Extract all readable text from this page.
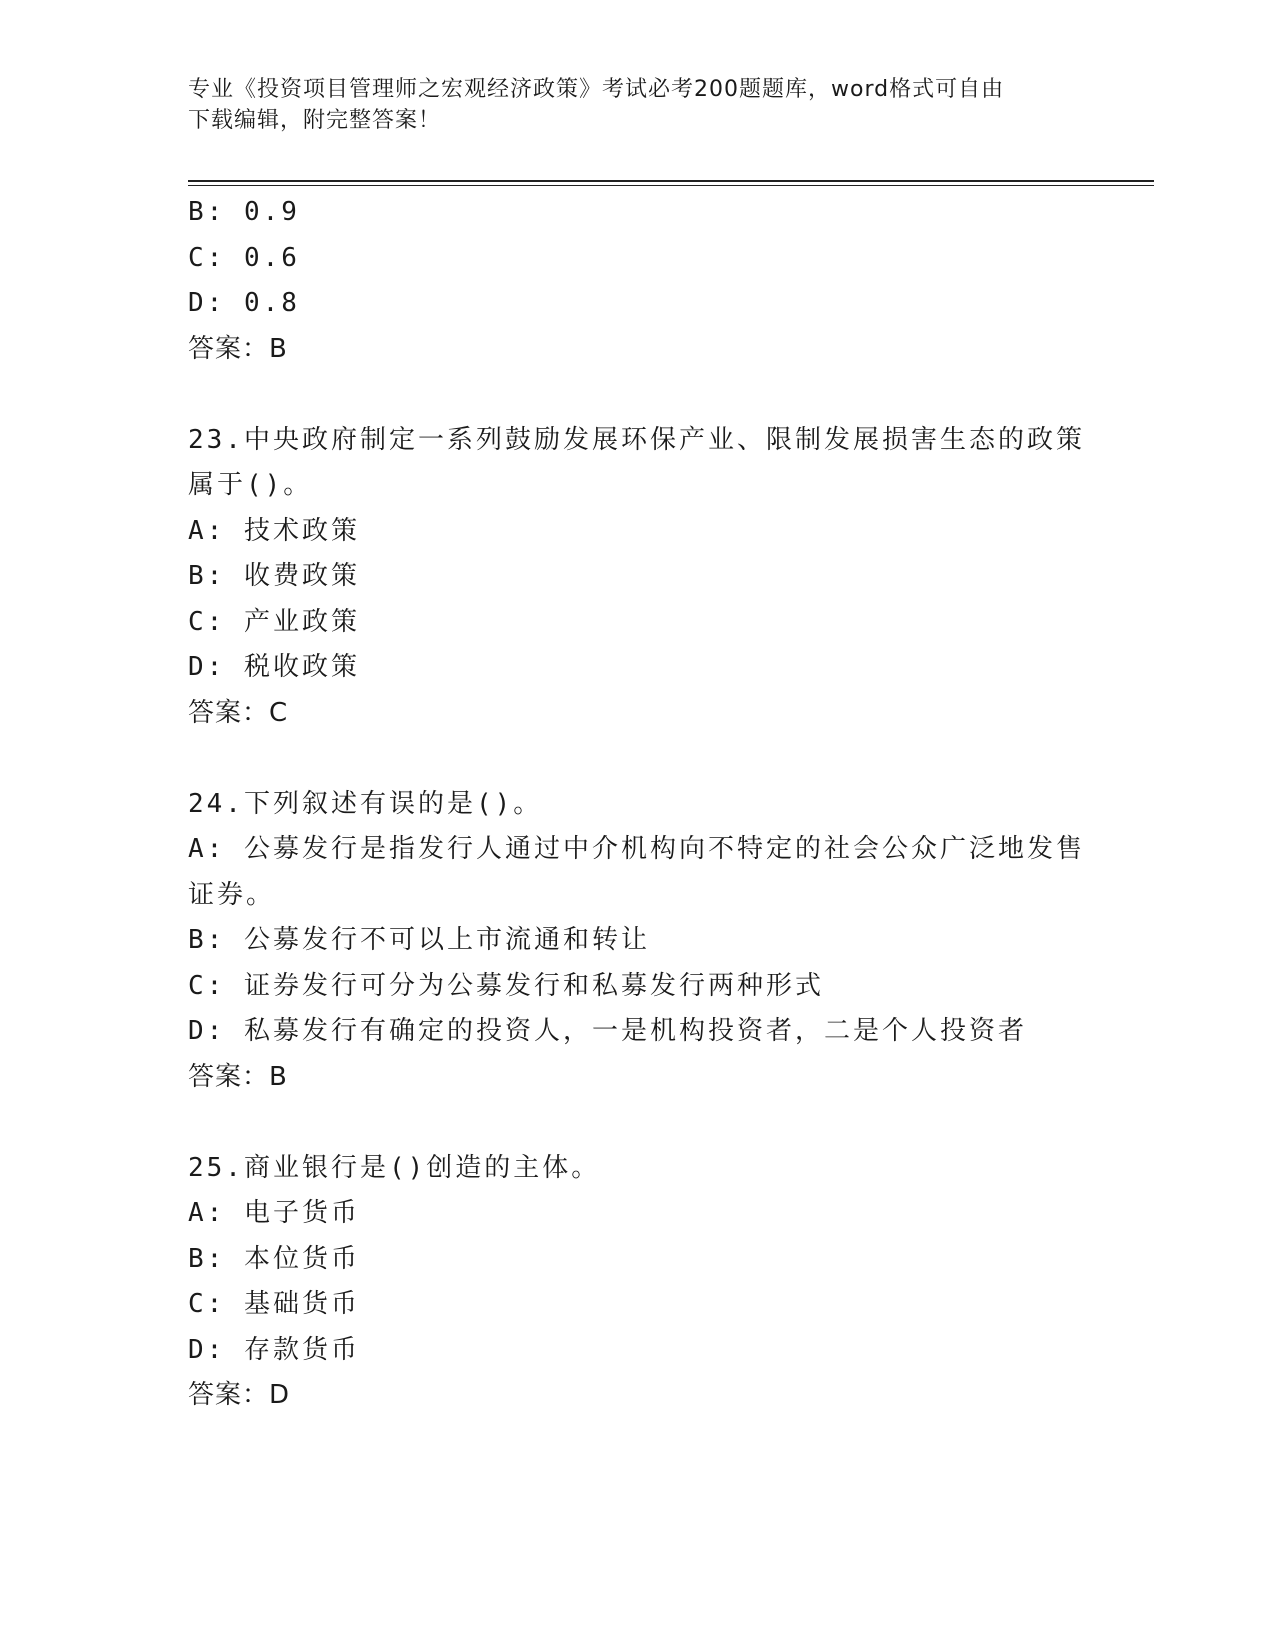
专业《投资项目管理师之宏观经济政策》考试必考200题题库，word格式可自由
下载编辑，附完整答案！
B: 0.9
C: 0.6
D: 0.8
答案：B
23.中央政府制定一系列鼓励发展环保产业、限制发展损害生态的政策
属于()。
A: 技术政策
B: 收费政策
C: 产业政策
D: 税收政策
答案：C
24.下列叙述有误的是()。
A: 公募发行是指发行人通过中介机构向不特定的社会公众广泛地发售
证券。
B: 公募发行不可以上市流通和转让
C: 证券发行可分为公募发行和私募发行两种形式
D: 私募发行有确定的投资人，一是机构投资者，二是个人投资者
答案：B
25.商业银行是()创造的主体。
A: 电子货币
B: 本位货币
C: 基础货币
D: 存款货币
答案：D
